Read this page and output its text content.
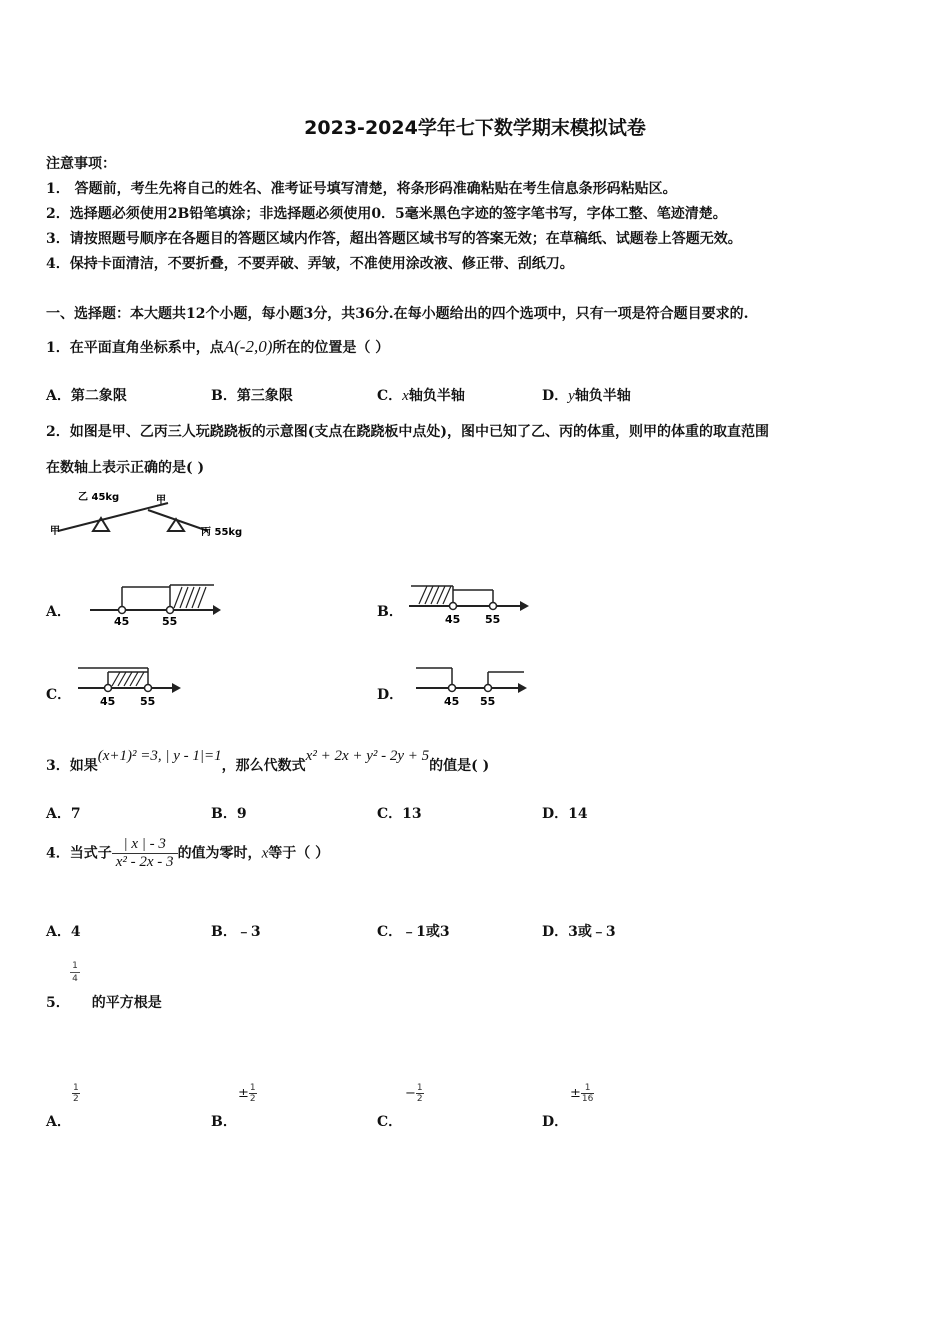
2023-2024学年七下数学期末模拟试卷
注意事项：
1． 答题前，考生先将自己的姓名、准考证号填写清楚，将条形码准确粘贴在考生信息条形码粘贴区。
2．选择题必须使用2B铅笔填涂；非选择题必须使用0．5毫米黑色字迹的签字笔书写，字体工整、笔迹清楚。
3．请按照题号顺序在各题目的答题区域内作答，超出答题区域书写的答案无效；在草稿纸、试题卷上答题无效。
4．保持卡面清洁，不要折叠，不要弄破、弄皱，不准使用涂改液、修正带、刮纸刀。
一、选择题：本大题共12个小题，每小题3分，共36分.在每小题给出的四个选项中，只有一项是符合题目要求的.
1．在平面直角坐标系中，点A(-2,0)所在的位置是（ ）
A．第二象限	B．第三象限	C．x轴负半轴	D．y轴负半轴
2．如图是甲、乙丙三人玩跷跷板的示意图(支点在跷跷板中点处)，图中已知了乙、丙的体重，则甲的体重的取直范围
在数轴上表示正确的是( )
乙 45kg
甲
甲
丙 55kg
A．
45	55
B．	45 55
C．	45 55	D．	45 55
3．如果(x+1)² =3, | y - 1|=1，那么代数式x² + 2x + y² - 2y + 5的值是( )
A．7	B．9	C．13	D．14
4．当式子 $\frac{| x | - 3}{\text{x² - 2x - 3}}$ 的值为零时，x等于（ ）
A．4	B．﹣3	C．﹣1或3	D．3或﹣3
1
4
5． 的平方根是
A．
$\frac{1}{2}$
B．
± $\frac{1}{2}$
C．
− $\frac{1}{2}$
D．
± $\frac{1}{16}$
